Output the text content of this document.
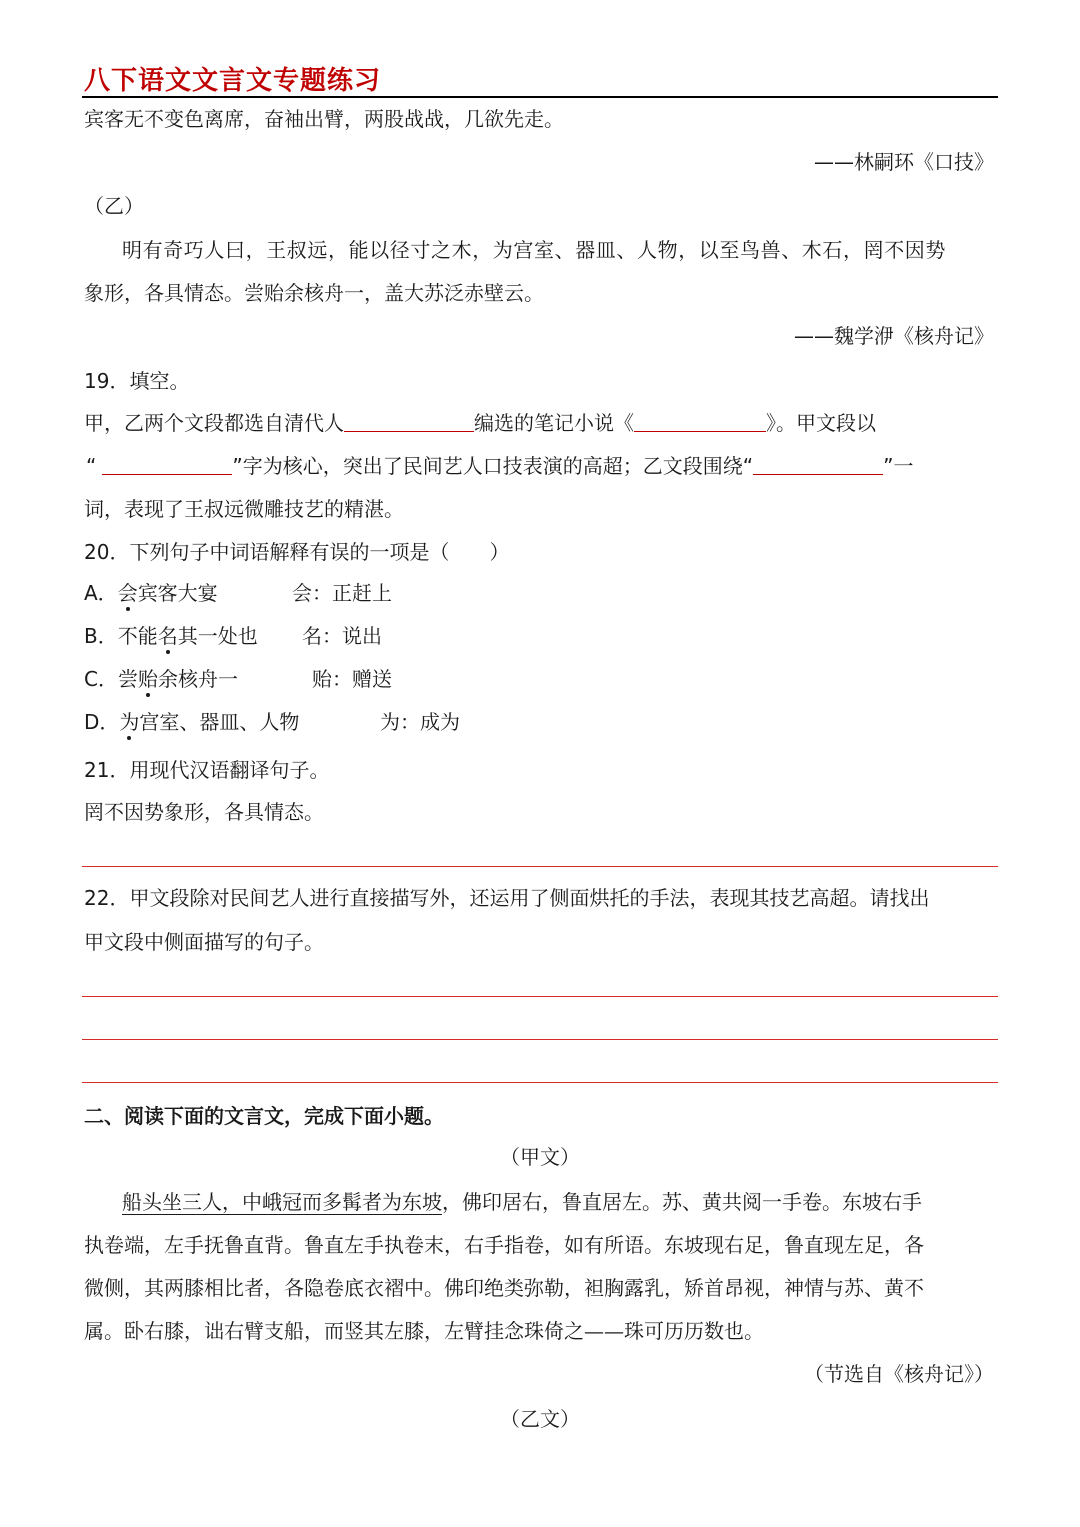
八下语文文言文专题练习
宾客无不变色离席，奋袖出臂，两股战战，几欲先走。
——林嗣环《口技》
（乙）
明有奇巧人曰，王叔远，能以径寸之木，为宫室、器皿、人物，以至鸟兽、木石，罔不因势
象形，各具情态。尝贻余核舟一，盖大苏泛赤壁云。
——魏学洢《核舟记》
19．填空。
甲，乙两个文段都选自清代人	编选的笔记小说《	》。甲文段以
“	”字为核心，突出了民间艺人口技表演的高超；乙文段围绕“	”一
词，表现了王叔远微雕技艺的精湛。
20．下列句子中词语解释有误的一项是（　　）
A．会宾客大宴	会：正赶上
B．不能名其一处也 名：说出
C．尝贻余核舟一	贻：赠送
D．为宫室、器皿、人物	为：成为
21．用现代汉语翻译句子。
罔不因势象形，各具情态。
22．甲文段除对民间艺人进行直接描写外，还运用了侧面烘托的手法，表现其技艺高超。请找出
甲文段中侧面描写的句子。
二、阅读下面的文言文，完成下面小题。
（甲文）
船头坐三人，中峨冠而多髯者为东坡，佛印居右，鲁直居左。苏、黄共阅一手卷。东坡右手
执卷端，左手抚鲁直背。鲁直左手执卷末，右手指卷，如有所语。东坡现右足，鲁直现左足，各
微侧，其两膝相比者，各隐卷底衣褶中。佛印绝类弥勒，袒胸露乳，矫首昂视，神情与苏、黄不
属。卧右膝，诎右臂支船，而竖其左膝，左臂挂念珠倚之——珠可历历数也。
（节选自《核舟记》）
（乙文）
